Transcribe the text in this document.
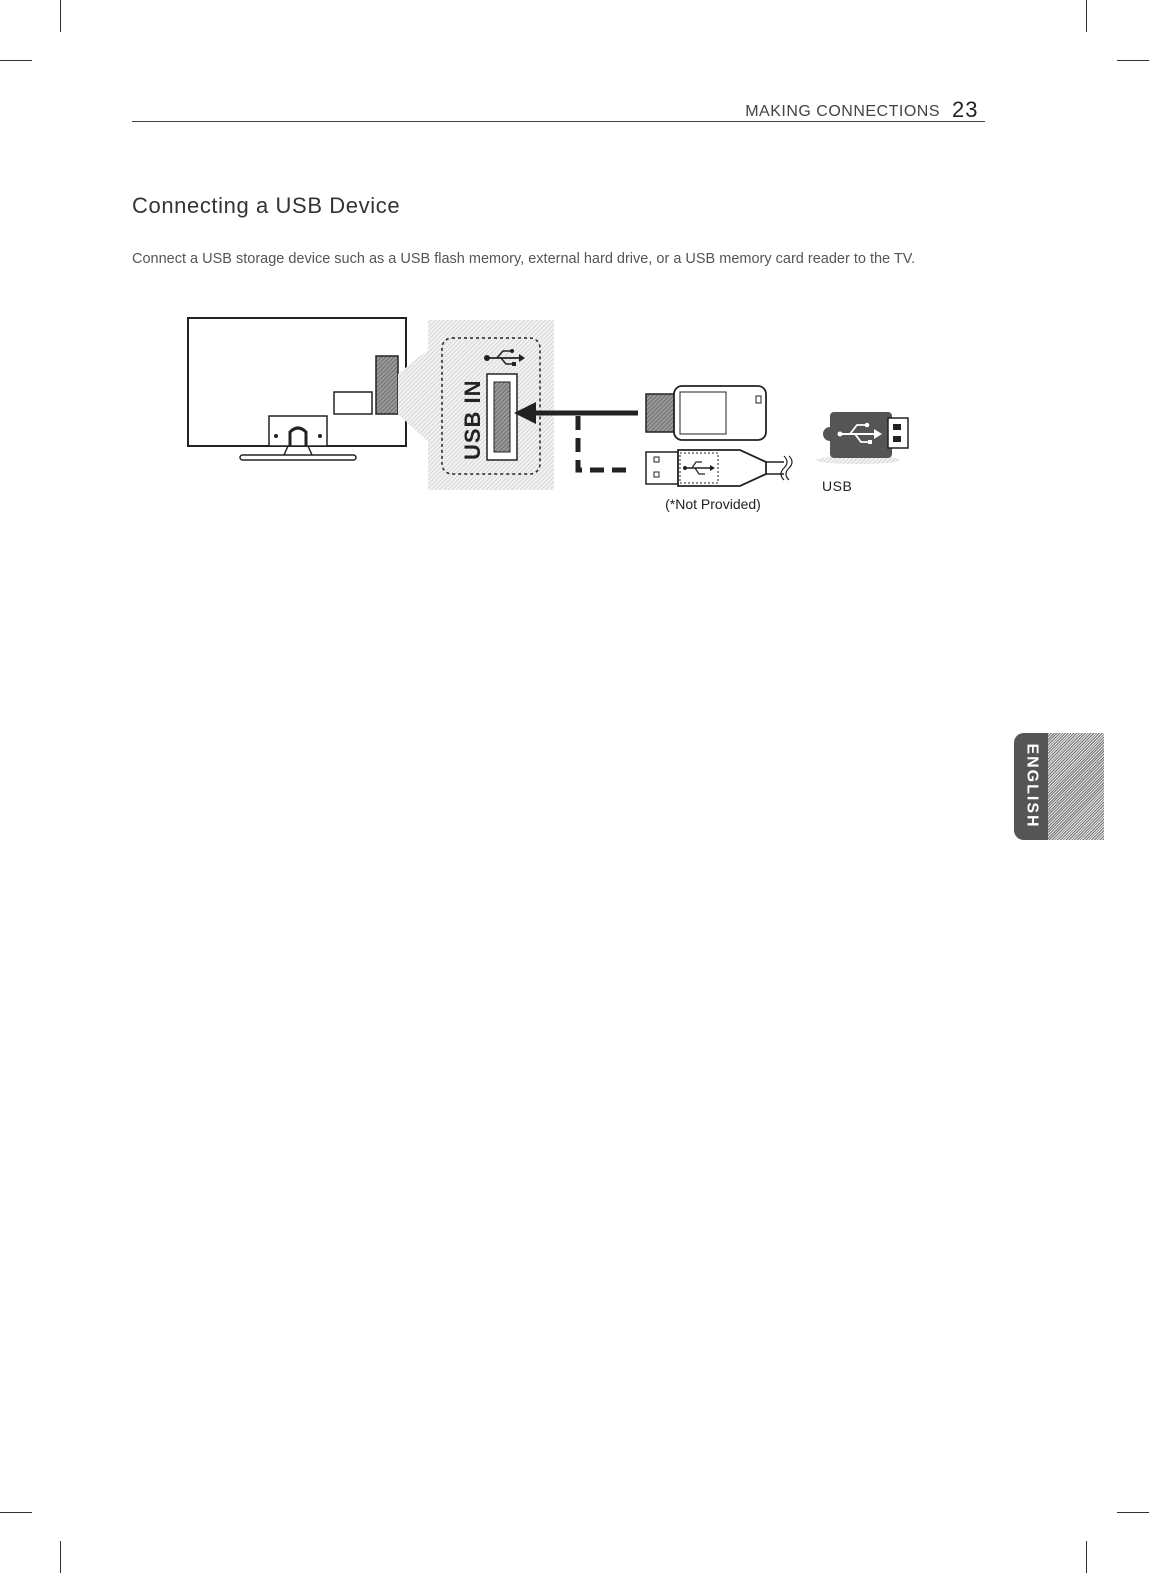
MAKING CONNECTIONS 23
Connecting a USB Device
Connect a USB storage device such as a USB flash memory, external hard drive, or a USB memory card reader to the TV.
USB IN
USB
(*Not Provided)
ENGLISH
